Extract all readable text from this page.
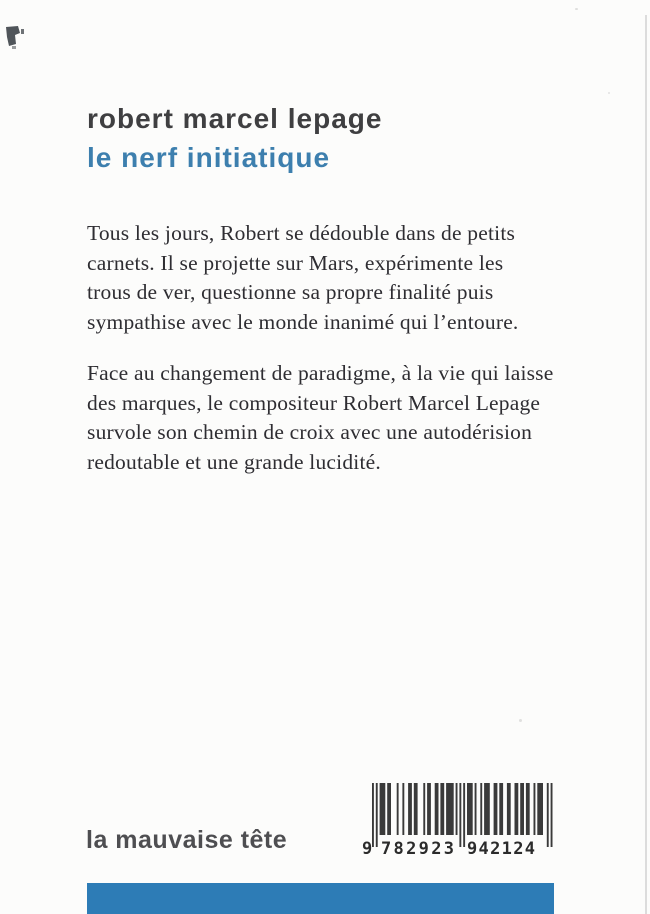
robert marcel lepage
le nerf initiatique
Tous les jours, Robert se dédouble dans de petits
carnets. Il se projette sur Mars, expérimente les
trous de ver, questionne sa propre finalité puis
sympathise avec le monde inanimé qui l’entoure.
Face au changement de paradigme, à la vie qui laisse
des marques, le compositeur Robert Marcel Lepage
survole son chemin de croix avec une autodérision
redoutable et une grande lucidité.
la mauvaise tête	9 782923 942124
